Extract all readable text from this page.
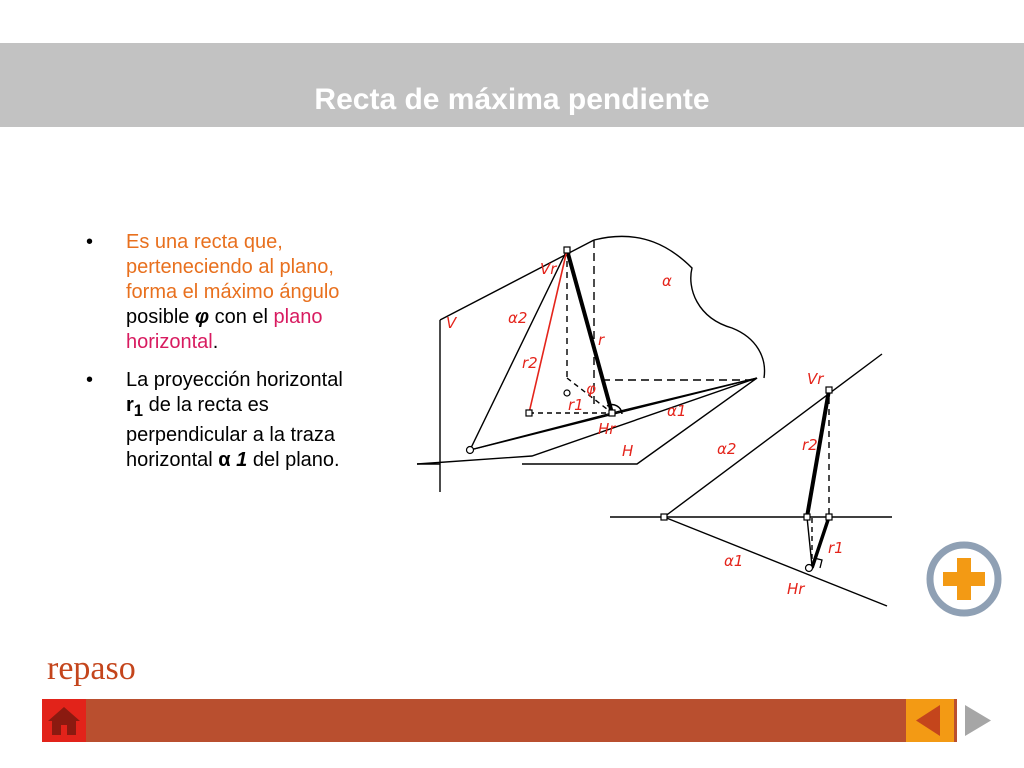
Recta de máxima pendiente
• Es una recta que, perteneciendo al plano, forma el máximo ángulo posible φ con el plano horizontal.
• La proyección horizontal $r_1$ de la recta es perpendicular a la traza horizontal α 1 del plano.
Vr
V	α2
r2
r
α
φ
r1
Hr
α1
H
Vr
α2	r2
r1
α1
Hr
repaso
